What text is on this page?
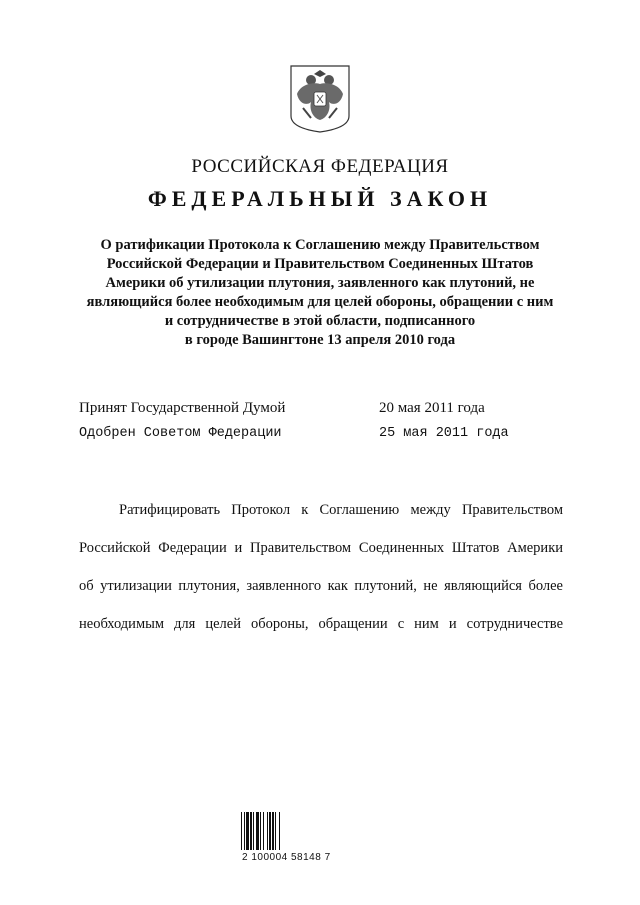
РОССИЙСКАЯ ФЕДЕРАЦИЯ
ФЕДЕРАЛЬНЫЙ ЗАКОН
О ратификации Протокола к Соглашению между Правительством
Российской Федерации и Правительством Соединенных Штатов
Америки об утилизации плутония, заявленного как плутоний, не
являющийся более необходимым для целей обороны, обращении с ним
и сотрудничестве в этой области, подписанного
в городе Вашингтоне 13 апреля 2010 года
Принят Государственной Думой	20 мая 2011 года
Одобрен Советом Федерации	25 мая 2011 года
Ратифицировать Протокол к Соглашению между Правительством
Российской Федерации и Правительством Соединенных Штатов Америки
об утилизации плутония, заявленного как плутоний, не являющийся более
необходимым для целей обороны, обращении с ним и сотрудничестве
2 100004 58148 7
